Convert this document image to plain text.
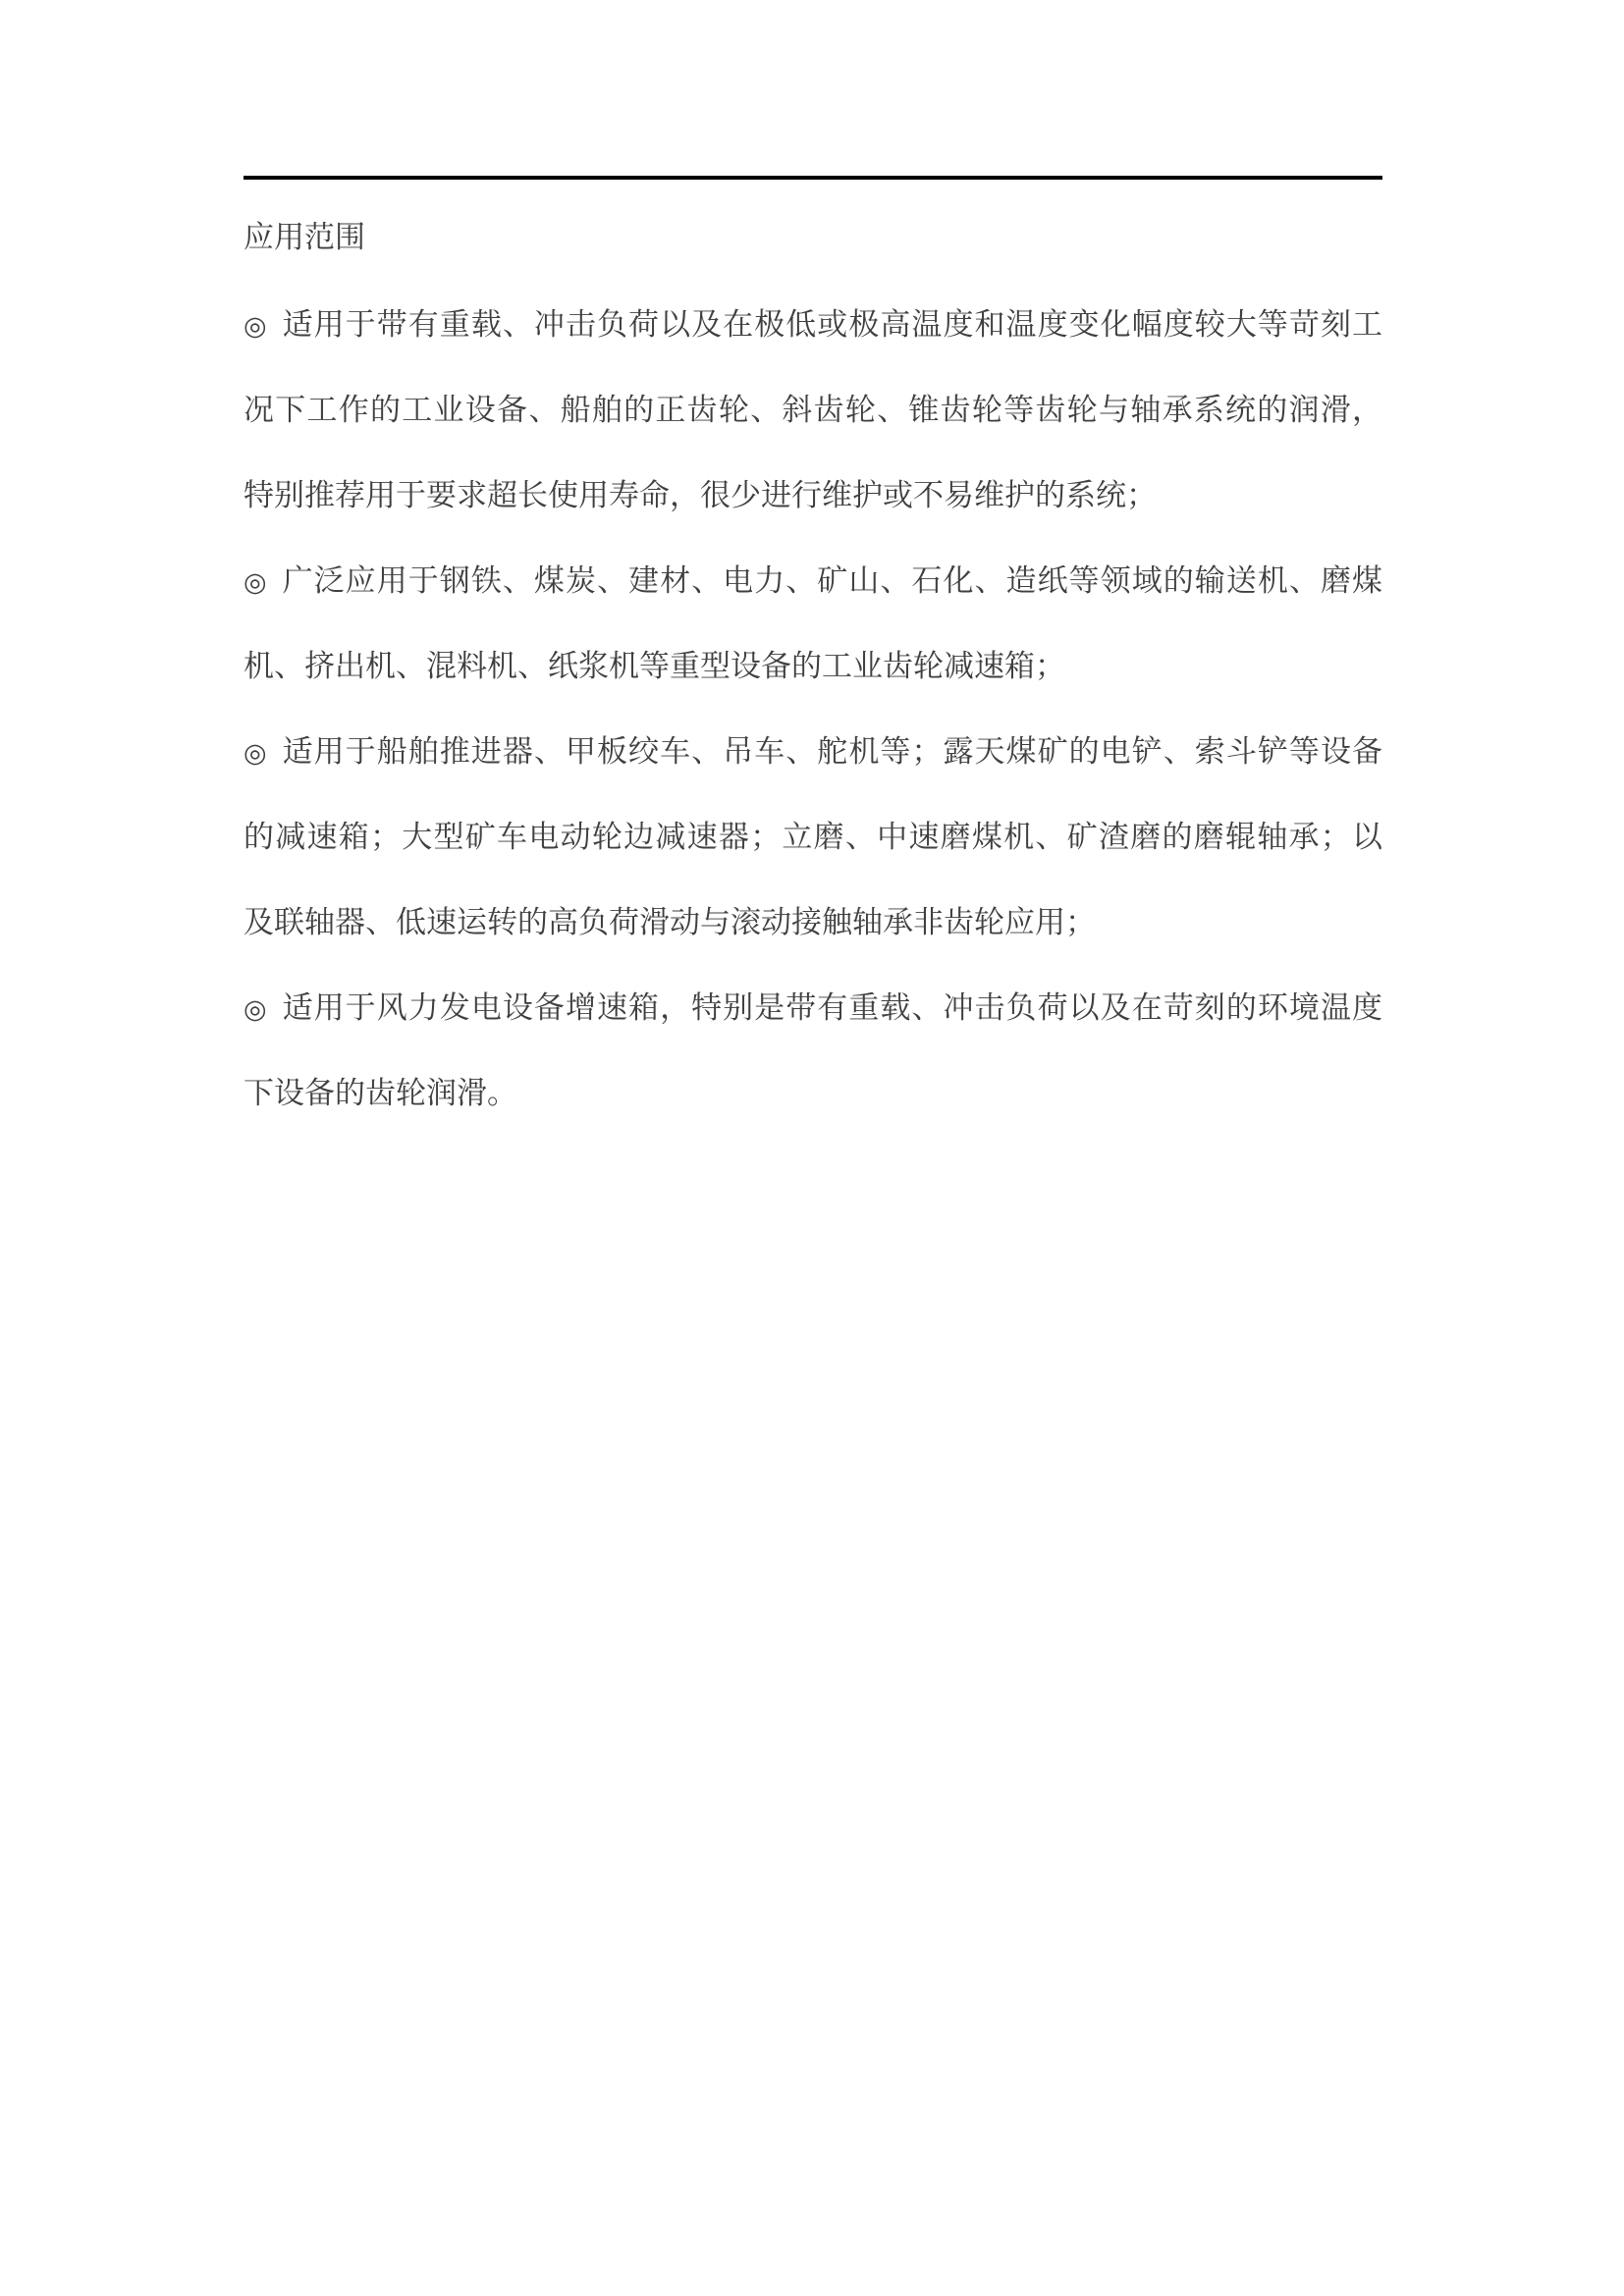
应用范围
◎ 适用于带有重载、冲击负荷以及在极低或极高温度和温度变化幅度较大等苛刻工
况下工作的工业设备、船舶的正齿轮、斜齿轮、锥齿轮等齿轮与轴承系统的润滑，
特别推荐用于要求超长使用寿命，很少进行维护或不易维护的系统；
◎ 广泛应用于钢铁、煤炭、建材、电力、矿山、石化、造纸等领域的输送机、磨煤
机、挤出机、混料机、纸浆机等重型设备的工业齿轮减速箱；
◎ 适用于船舶推进器、甲板绞车、吊车、舵机等；露天煤矿的电铲、索斗铲等设备
的减速箱；大型矿车电动轮边减速器；立磨、中速磨煤机、矿渣磨的磨辊轴承；以
及联轴器、低速运转的高负荷滑动与滚动接触轴承非齿轮应用；
◎ 适用于风力发电设备增速箱，特别是带有重载、冲击负荷以及在苛刻的环境温度
下设备的齿轮润滑。
